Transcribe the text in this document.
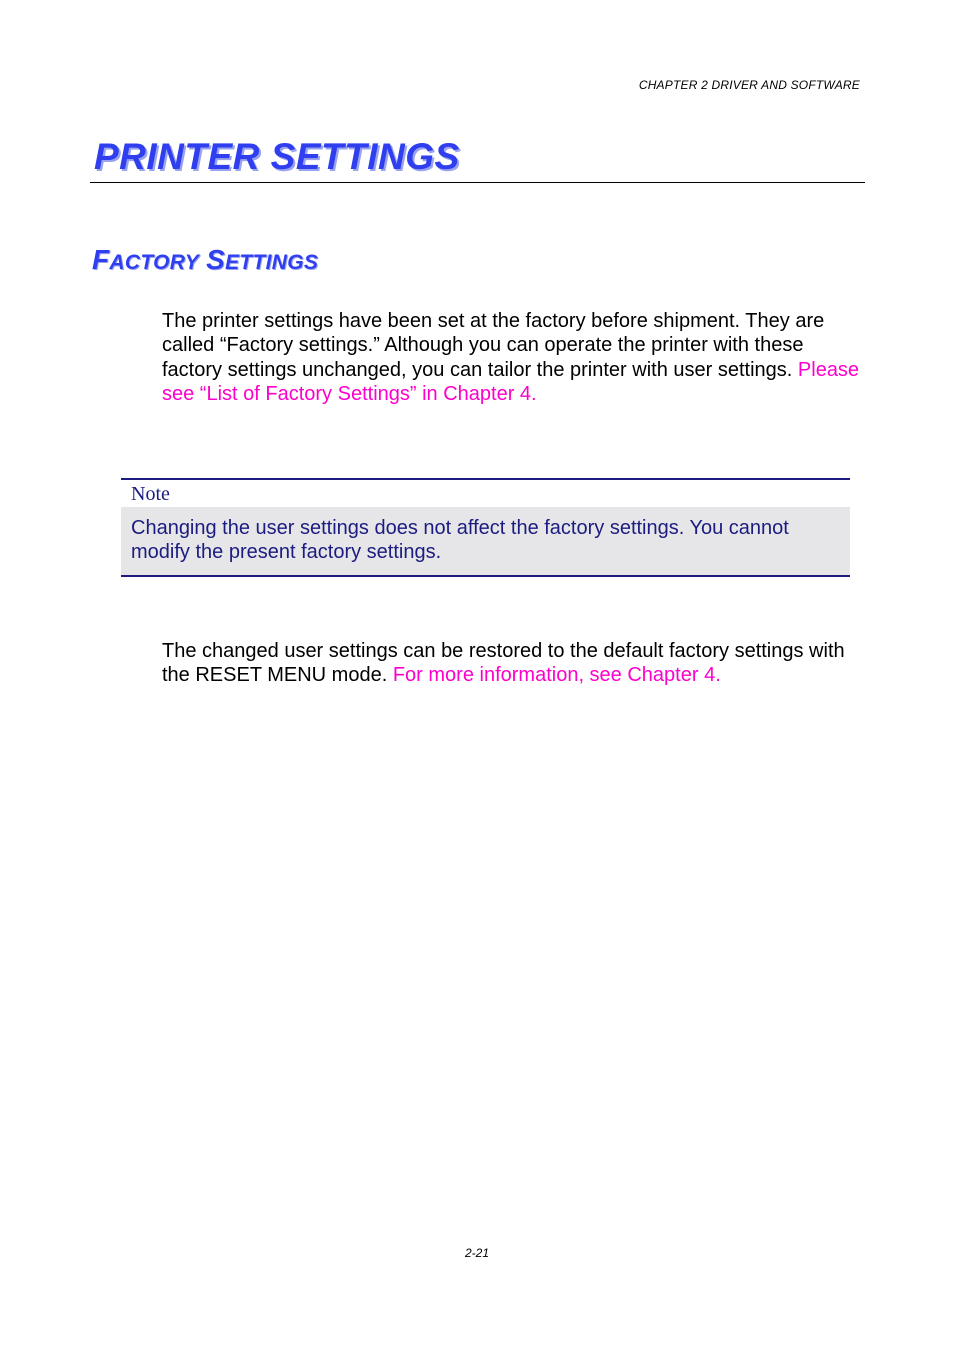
CHAPTER 2 DRIVER AND SOFTWARE
PRINTER SETTINGS
FACTORY SETTINGS

The printer settings have been set at the factory before shipment. They are called “Factory settings.” Although you can operate the printer with these factory settings unchanged, you can tailor the printer with user settings. Please see “List of Factory Settings” in Chapter 4.

Note

Changing the user settings does not affect the factory settings. You cannot modify the present factory settings.

The changed user settings can be restored to the default factory settings with the RESET MENU mode. For more information, see Chapter 4.

2-21
